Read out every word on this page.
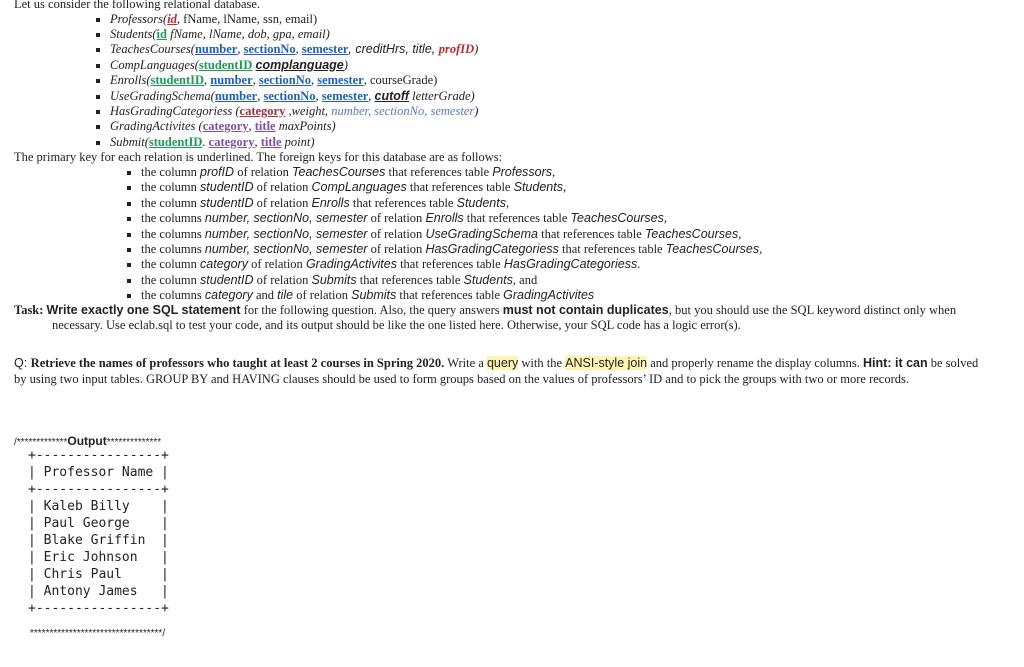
Let us consider the following relational database.
Professors(id, fName, lName, ssn, email)
Students(id fName, lName, dob, gpa, email)
TeachesCourses(number, sectionNo, semester, creditHrs, title, profID)
CompLanguages(studentID complanguage)
Enrolls(studentID, number, sectionNo, semester, courseGrade)
UseGradingSchema(number, sectionNo, semester, cutoff letterGrade)
HasGradingCategoriess (category ,weight, number, sectionNo, semester)
GradingActivites (category, title maxPoints)
Submit(studentID. category, title point)
The primary key for each relation is underlined. The foreign keys for this database are as follows:
the column profID of relation TeachesCourses that references table Professors,
the column studentID of relation CompLanguages that references table Students,
the column studentID of relation Enrolls that references table Students,
the columns number, sectionNo, semester of relation Enrolls that references table TeachesCourses,
the columns number, sectionNo, semester of relation UseGradingSchema that references table TeachesCourses,
the columns number, sectionNo, semester of relation HasGradingCategoriess that references table TeachesCourses,
the column category of relation GradingActivites that references table HasGradingCategoriess.
the column studentID of relation Submits that references table Students, and
the columns category and tile of relation Submits that references table GradingActivites
Task: Write exactly one SQL statement for the following question. Also, the query answers must not contain duplicates, but you should use the SQL keyword distinct only when
necessary. Use eclab.sql to test your code, and its output should be like the one listed here. Otherwise, your SQL code has a logic error(s).
Q: Retrieve the names of professors who taught at least 2 courses in Spring 2020. Write a query with the ANSI-style join and properly rename the display columns. Hint: it can be solved
by using two input tables. GROUP BY and HAVING clauses should be used to form groups based on the values of professors’ ID and to pick the groups with two or more records.
/*************Output**************
+----------------+
| Professor Name |
+----------------+
| Kaleb Billy    |
| Paul George    |
| Blake Griffin  |
| Eric Johnson   |
| Chris Paul     |
| Antony James   |
+----------------+
**********************************/
